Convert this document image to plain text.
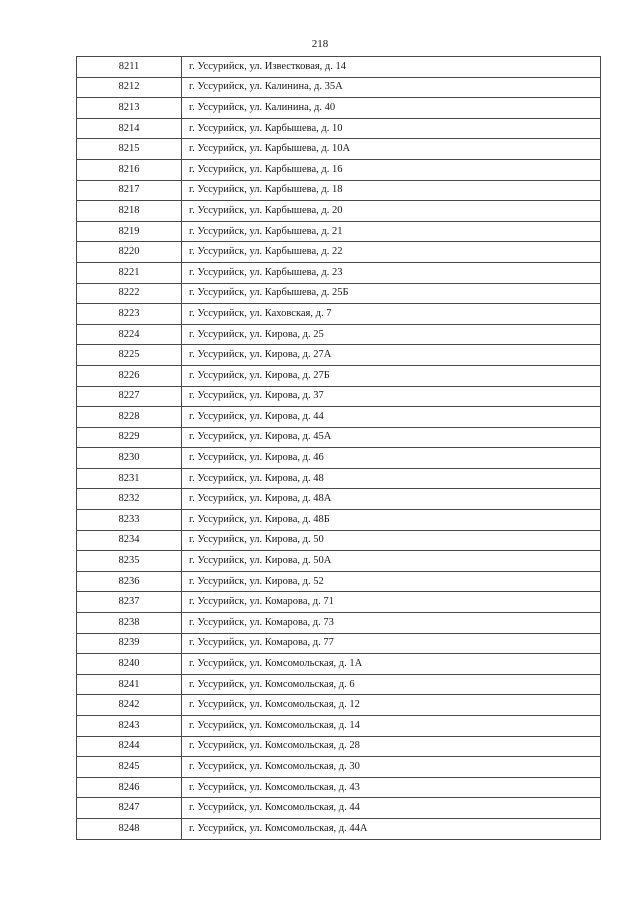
218
8211	г. Уссурийск, ул. Известковая, д. 14
8212	г. Уссурийск, ул. Калинина, д. 35А
8213	г. Уссурийск, ул. Калинина, д. 40
8214	г. Уссурийск, ул. Карбышева, д. 10
8215	г. Уссурийск, ул. Карбышева, д. 10А
8216	г. Уссурийск, ул. Карбышева, д. 16
8217	г. Уссурийск, ул. Карбышева, д. 18
8218	г. Уссурийск, ул. Карбышева, д. 20
8219	г. Уссурийск, ул. Карбышева, д. 21
8220	г. Уссурийск, ул. Карбышева, д. 22
8221	г. Уссурийск, ул. Карбышева, д. 23
8222	г. Уссурийск, ул. Карбышева, д. 25Б
8223	г. Уссурийск, ул. Каховская, д. 7
8224	г. Уссурийск, ул. Кирова, д. 25
8225	г. Уссурийск, ул. Кирова, д. 27А
8226	г. Уссурийск, ул. Кирова, д. 27Б
8227	г. Уссурийск, ул. Кирова, д. 37
8228	г. Уссурийск, ул. Кирова, д. 44
8229	г. Уссурийск, ул. Кирова, д. 45А
8230	г. Уссурийск, ул. Кирова, д. 46
8231	г. Уссурийск, ул. Кирова, д. 48
8232	г. Уссурийск, ул. Кирова, д. 48А
8233	г. Уссурийск, ул. Кирова, д. 48Б
8234	г. Уссурийск, ул. Кирова, д. 50
8235	г. Уссурийск, ул. Кирова, д. 50А
8236	г. Уссурийск, ул. Кирова, д. 52
8237	г. Уссурийск, ул. Комарова, д. 71
8238	г. Уссурийск, ул. Комарова, д. 73
8239	г. Уссурийск, ул. Комарова, д. 77
8240	г. Уссурийск, ул. Комсомольская, д. 1А
8241	г. Уссурийск, ул. Комсомольская, д. 6
8242	г. Уссурийск, ул. Комсомольская, д. 12
8243	г. Уссурийск, ул. Комсомольская, д. 14
8244	г. Уссурийск, ул. Комсомольская, д. 28
8245	г. Уссурийск, ул. Комсомольская, д. 30
8246	г. Уссурийск, ул. Комсомольская, д. 43
8247	г. Уссурийск, ул. Комсомольская, д. 44
8248	г. Уссурийск, ул. Комсомольская, д. 44А
